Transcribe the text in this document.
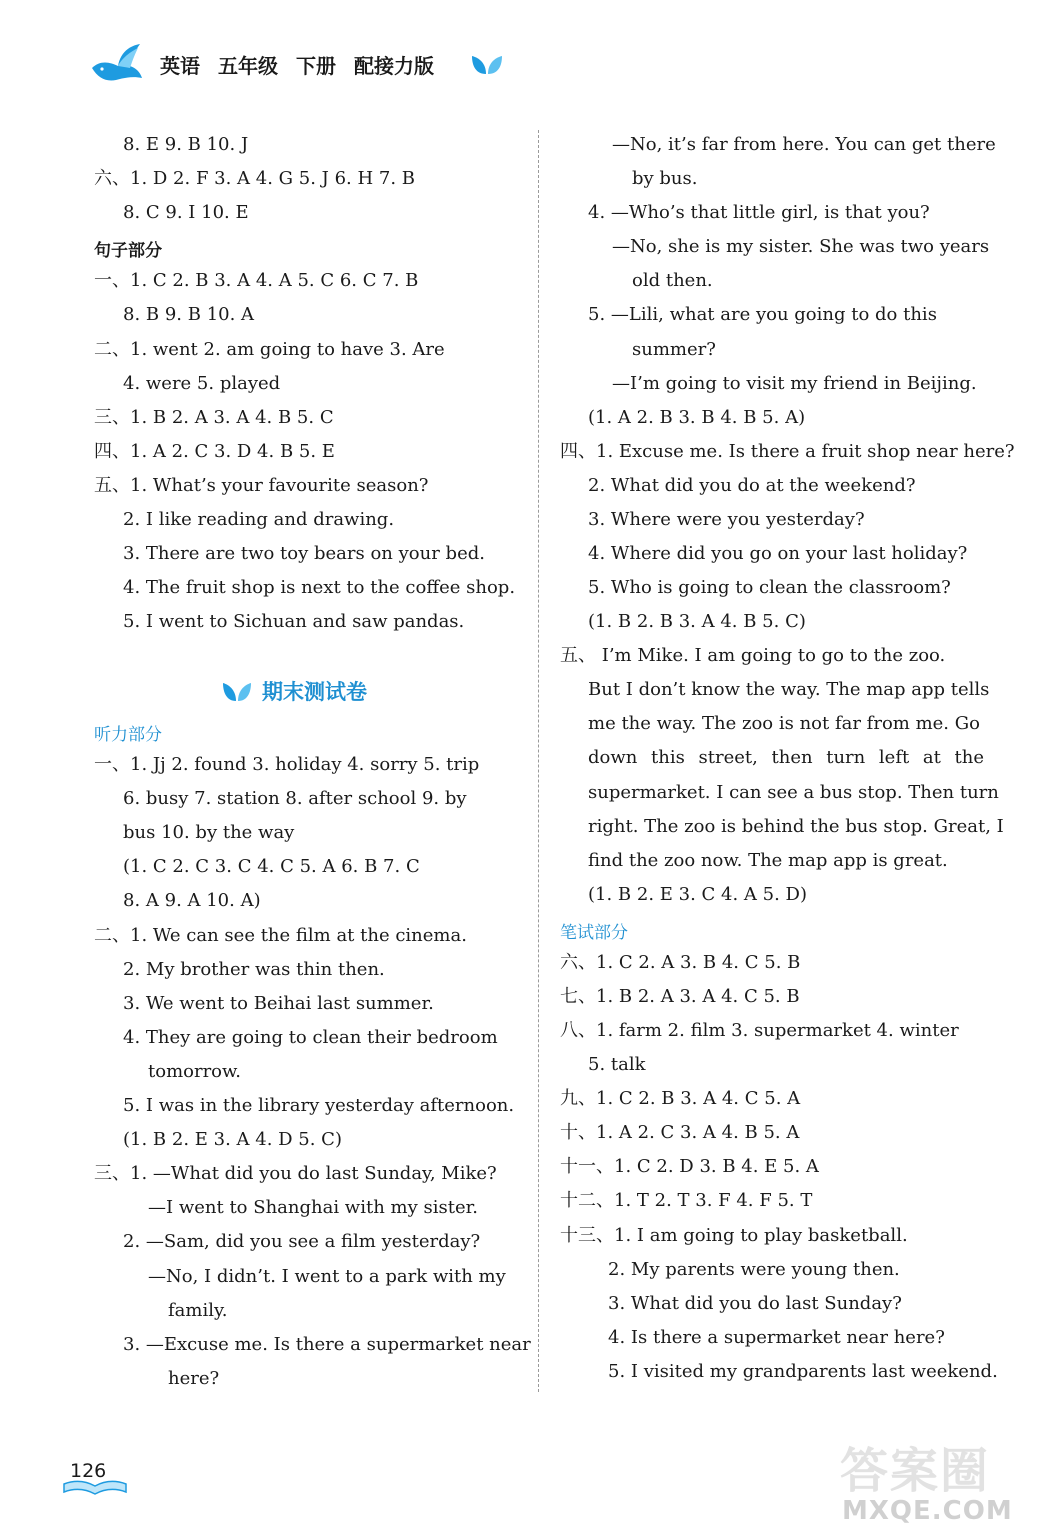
英语 五年级 下册 配接力版
8. E 9. B 10. J
六、1. D 2. F 3. A 4. G 5. J 6. H 7. B
8. C 9. I 10. E
句子部分
一、1. C 2. B 3. A 4. A 5. C 6. C 7. B
8. B 9. B 10. A
二、1. went 2. am going to have 3. Are
4. were 5. played
三、1. B 2. A 3. A 4. B 5. C
四、1. A 2. C 3. D 4. B 5. E
五、1. What’s your favourite season?
2. I like reading and drawing.
3. There are two toy bears on your bed.
4. The fruit shop is next to the coffee shop.
5. I went to Sichuan and saw pandas.
期末测试卷
听力部分
一、1. Jj 2. found 3. holiday 4. sorry 5. trip
6. busy 7. station 8. after school 9. by
bus 10. by the way
(1. C 2. C 3. C 4. C 5. A 6. B 7. C
8. A 9. A 10. A)
二、1. We can see the film at the cinema.
2. My brother was thin then.
3. We went to Beihai last summer.
4. They are going to clean their bedroom
tomorrow.
5. I was in the library yesterday afternoon.
(1. B 2. E 3. A 4. D 5. C)
三、1. —What did you do last Sunday, Mike?
—I went to Shanghai with my sister.
2. —Sam, did you see a film yesterday?
—No, I didn’t. I went to a park with my
family.
3. —Excuse me. Is there a supermarket near
here?
—No, it’s far from here. You can get there
by bus.
4. —Who’s that little girl, is that you?
—No, she is my sister. She was two years
old then.
5. —Lili, what are you going to do this
summer?
—I’m going to visit my friend in Beijing.
(1. A 2. B 3. B 4. B 5. A)
四、1. Excuse me. Is there a fruit shop near here?
2. What did you do at the weekend?
3. Where were you yesterday?
4. Where did you go on your last holiday?
5. Who is going to clean the classroom?
(1. B 2. B 3. A 4. B 5. C)
五、 I’m Mike. I am going to go to the zoo.
But I don’t know the way. The map app tells
me the way. The zoo is not far from me. Go
down this street, then turn left at the
supermarket. I can see a bus stop. Then turn
right. The zoo is behind the bus stop. Great, I
find the zoo now. The map app is great.
(1. B 2. E 3. C 4. A 5. D)
笔试部分
六、1. C 2. A 3. B 4. C 5. B
七、1. B 2. A 3. A 4. C 5. B
八、1. farm 2. film 3. supermarket 4. winter
5. talk
九、1. C 2. B 3. A 4. C 5. A
十、1. A 2. C 3. A 4. B 5. A
十一、1. C 2. D 3. B 4. E 5. A
十二、1. T 2. T 3. F 4. F 5. T
十三、1. I am going to play basketball.
2. My parents were young then.
3. What did you do last Sunday?
4. Is there a supermarket near here?
5. I visited my grandparents last weekend.
126	答案圈
MXQE.COM
